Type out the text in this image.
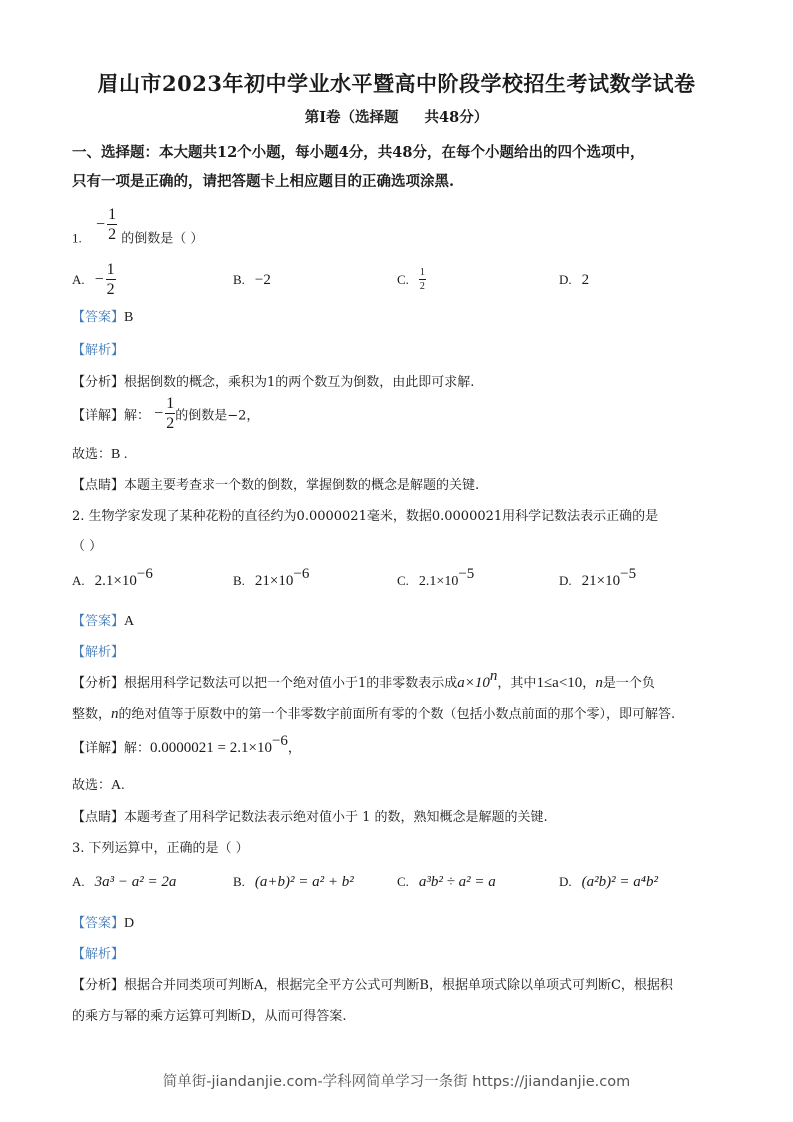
眉山市2023年初中学业水平暨高中阶段学校招生考试数学试卷
第I卷（选择题 共48分）
一、选择题：本大题共12个小题，每小题4分，共48分，在每个小题给出的四个选项中，
只有一项是正确的，请把答题卡上相应题目的正确选项涂黑.
1.  − $\frac{1}{2}$ 的倒数是（ ）
A. − $\frac{1}{2}$	B. −2	C. $\frac{1}{2}$	D. 2
【答案】B
【解析】
【分析】根据倒数的概念，乘积为1的两个数互为倒数，由此即可求解.
【详解】解： − $\frac{1}{2}$ 的倒数是−2，
故选：B .
【点睛】本题主要考查求一个数的倒数，掌握倒数的概念是解题的关键.
2. 生物学家发现了某种花粉的直径约为0.0000021毫米，数据0.0000021用科学记数法表示正确的是
（ ）
A. $2.1\times 10^{-6}$	B. $21\times 10^{-6}$	C. $2.1\times 10^{-5}$	D. $21\times 10^{-5}$
【答案】A
【解析】
【分析】根据用科学记数法可以把一个绝对值小于1的非零数表示成$a\times 10^n$，其中1≤a<10，n是一个负
整数，n的绝对值等于原数中的第一个非零数字前面所有零的个数（包括小数点前面的那个零），即可解答.
【详解】解：$0.0000021 = 2.1\times 10^{-6}$，
故选：A.
【点睛】本题考查了用科学记数法表示绝对值小于 1 的数，熟知概念是解题的关键.
3. 下列运算中，正确的是（ ）
A. 3a³ − a² = 2a	B. (a+b)² = a² + b²	C. a³b² ÷ a² = a	D. (a²b)² = a⁴b²
【答案】D
【解析】
【分析】根据合并同类项可判断A，根据完全平方公式可判断B，根据单项式除以单项式可判断C，根据积
的乘方与幂的乘方运算可判断D，从而可得答案.
简单街-jiandanjie.com-学科网简单学习一条街 https://jiandanjie.com
